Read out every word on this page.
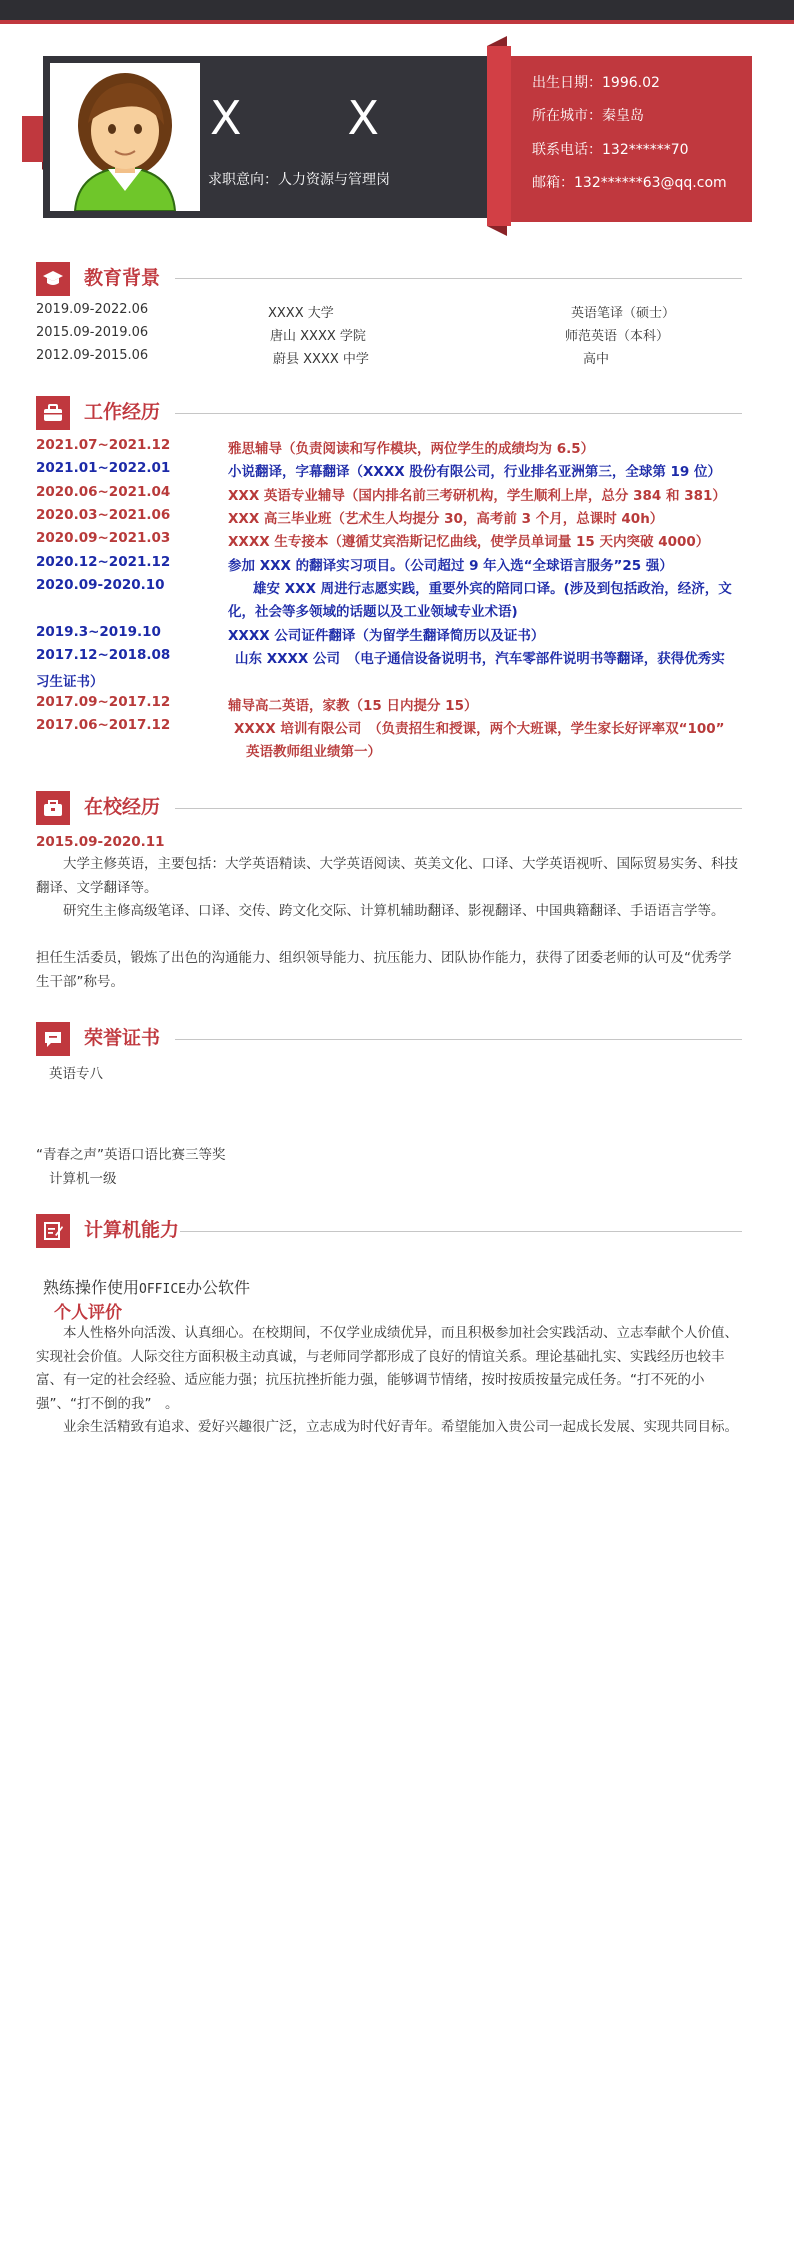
X　X
求职意向：人力资源与管理岗
出生日期：1996.02
所在城市：秦皇岛
联系电话：132******70
邮箱：132******63@qq.com
教育背景
2019.09-2022.06	XXXX 大学	英语笔译（硕士）
2015.09-2019.06	唐山 XXXX 学院	师范英语（本科）
2012.09-2015.06	蔚县 XXXX 中学	高中
工作经历
2021.07~2021.12	雅思辅导（负责阅读和写作模块，两位学生的成绩均为 6.5）
2021.01~2022.01	小说翻译，字幕翻译（XXXX 股份有限公司，行业排名亚洲第三，全球第 19 位）
2020.06~2021.04	XXX 英语专业辅导（国内排名前三考研机构，学生顺利上岸，总分 384 和 381）
2020.03~2021.06	XXX 高三毕业班（艺术生人均提分 30，高考前 3 个月，总课时 40h）
2020.09~2021.03	XXXX 生专接本（遵循艾宾浩斯记忆曲线，使学员单词量 15 天内突破 4000）
2020.12~2021.12	参加 XXX 的翻译实习项目。（公司超过 9 年入选“全球语言服务”25 强）
2020.09-2020.10	雄安 XXX 周进行志愿实践，重要外宾的陪同口译。(涉及到包括政治，经济，文
化，社会等多领域的话题以及工业领域专业术语)
2019.3~2019.10	XXXX 公司证件翻译（为留学生翻译简历以及证书）
2017.12~2018.08	山东 XXXX 公司　（电子通信设备说明书，汽车零部件说明书等翻译，获得优秀实
习生证书）
2017.09~2017.12	辅导高二英语，家教（15 日内提分 15）
2017.06~2017.12	XXXX 培训有限公司　（负责招生和授课，两个大班课，学生家长好评率双“100”
英语教师组业绩第一）
在校经历
2015.09-2020.11
　　大学主修英语，主要包括：大学英语精读、大学英语阅读、英美文化、口译、大学英语视听、国际贸易实务、科技翻译、文学翻译等。
　　研究生主修高级笔译、口译、交传、跨文化交际、计算机辅助翻译、影视翻译、中国典籍翻译、手语语言学等。
担任生活委员，锻炼了出色的沟通能力、组织领导能力、抗压能力、团队协作能力，获得了团委老师的认可及“优秀学生干部”称号。
荣誉证书
英语专八
“青春之声”英语口语比赛三等奖
计算机一级
计算机能力
熟练操作使用OFFICE办公软件
个人评价
　　本人性格外向活泼、认真细心。在校期间，不仅学业成绩优异，而且积极参加社会实践活动、立志奉献个人价值、实现社会价值。人际交往方面积极主动真诚，与老师同学都形成了良好的情谊关系。理论基础扎实、实践经历也较丰富、有一定的社会经验、适应能力强；抗压抗挫折能力强，能够调节情绪，按时按质按量完成任务。“打不死的小强”、“打不倒的我”　。
　　业余生活精致有追求、爱好兴趣很广泛，立志成为时代好青年。希望能加入贵公司一起成长发展、实现共同目标。
